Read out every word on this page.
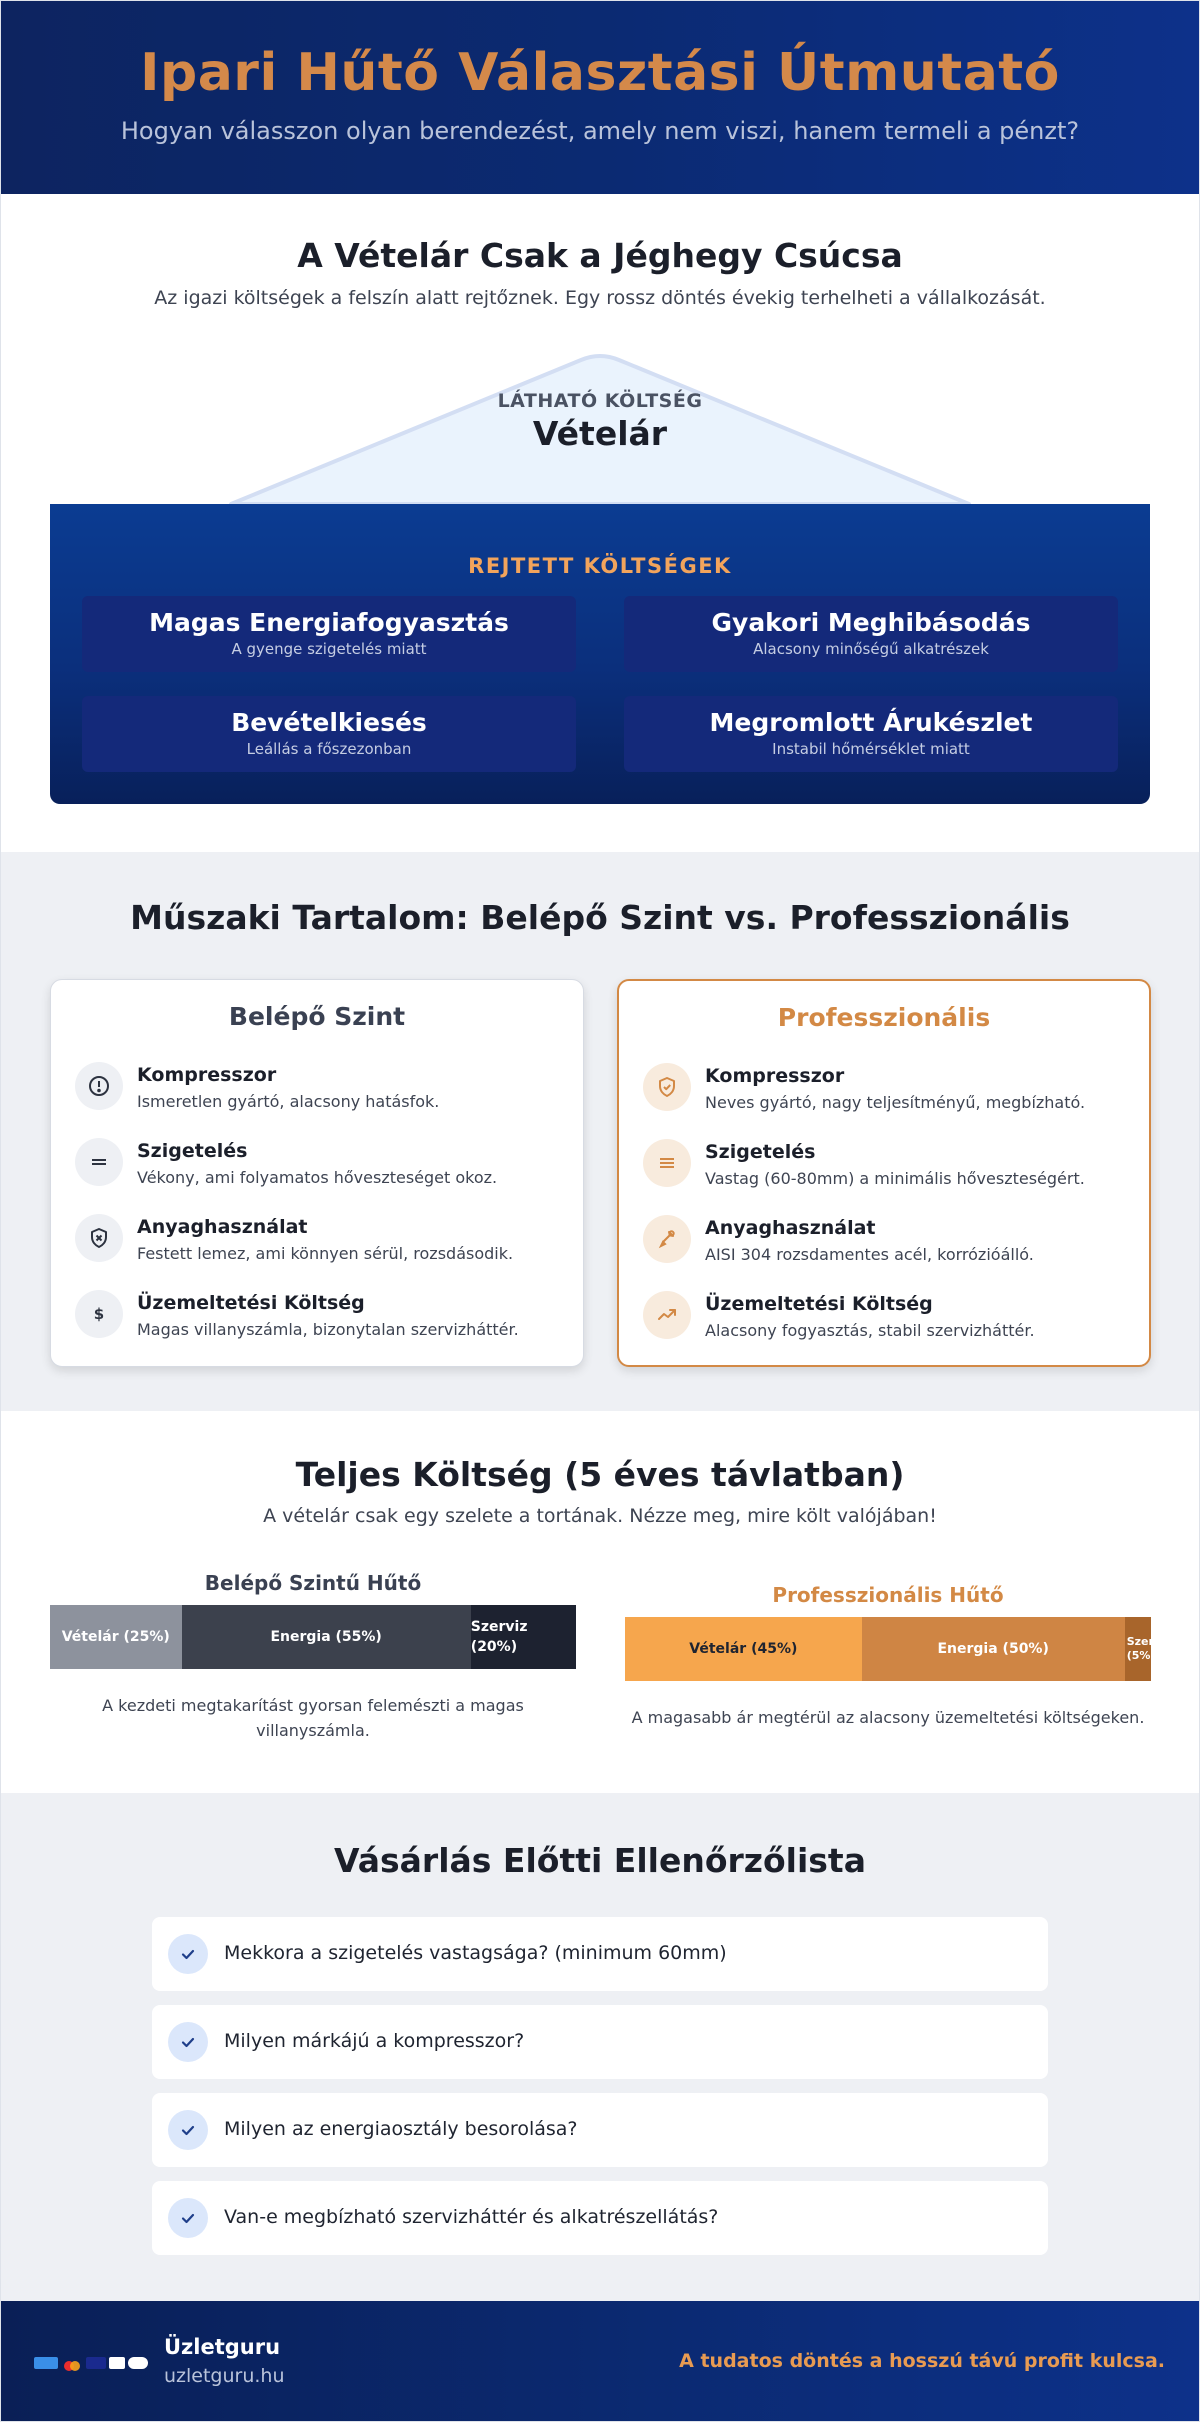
Ipari Hűtő Választási Útmutató
Hogyan válasszon olyan berendezést, amely nem viszi, hanem termeli a pénzt?
A Vételár Csak a Jéghegy Csúcsa
Az igazi költségek a felszín alatt rejtőznek. Egy rossz döntés évekig terhelheti a vállalkozását.
LÁTHATÓ KÖLTSÉG
Vételár
REJTETT KÖLTSÉGEK
Magas Energiafogyasztás
A gyenge szigetelés miatt
Gyakori Meghibásodás
Alacsony minőségű alkatrészek
Bevételkiesés
Leállás a főszezonban
Megromlott Árukészlet
Instabil hőmérséklet miatt
Műszaki Tartalom: Belépő Szint vs. Professzionális
Belépő Szint
Kompresszor
Ismeretlen gyártó, alacsony hatásfok.
Szigetelés
Vékony, ami folyamatos hőveszteséget okoz.
Anyaghasználat
Festett lemez, ami könnyen sérül, rozsdásodik.
$ Üzemeltetési Költség
Magas villanyszámla, bizonytalan szervizháttér.
Professzionális
Kompresszor
Neves gyártó, nagy teljesítményű, megbízható.
Szigetelés
Vastag (60-80mm) a minimális hőveszteségért.
Anyaghasználat
AISI 304 rozsdamentes acél, korrózióálló.
Üzemeltetési Költség
Alacsony fogyasztás, stabil szervizháttér.
Teljes Költség (5 éves távlatban)
A vételár csak egy szelete a tortának. Nézze meg, mire költ valójában!
Belépő Szintű Hűtő
Vételár (25%)	Energia (55%)
Szerviz (20%)
A kezdeti megtakarítást gyorsan felemészti a magas villanyszámla.
Professzionális Hűtő
Vételár (45%)	Energia (50%)	Szerviz (5%)
A magasabb ár megtérül az alacsony üzemeltetési költségeken.
Vásárlás Előtti Ellenőrzőlista
Mekkora a szigetelés vastagsága? (minimum 60mm)
Milyen márkájú a kompresszor?
Milyen az energiaosztály besorolása?
Van-e megbízható szervizháttér és alkatrészellátás?
Üzletguru
uzletguru.hu
A tudatos döntés a hosszú távú profit kulcsa.
